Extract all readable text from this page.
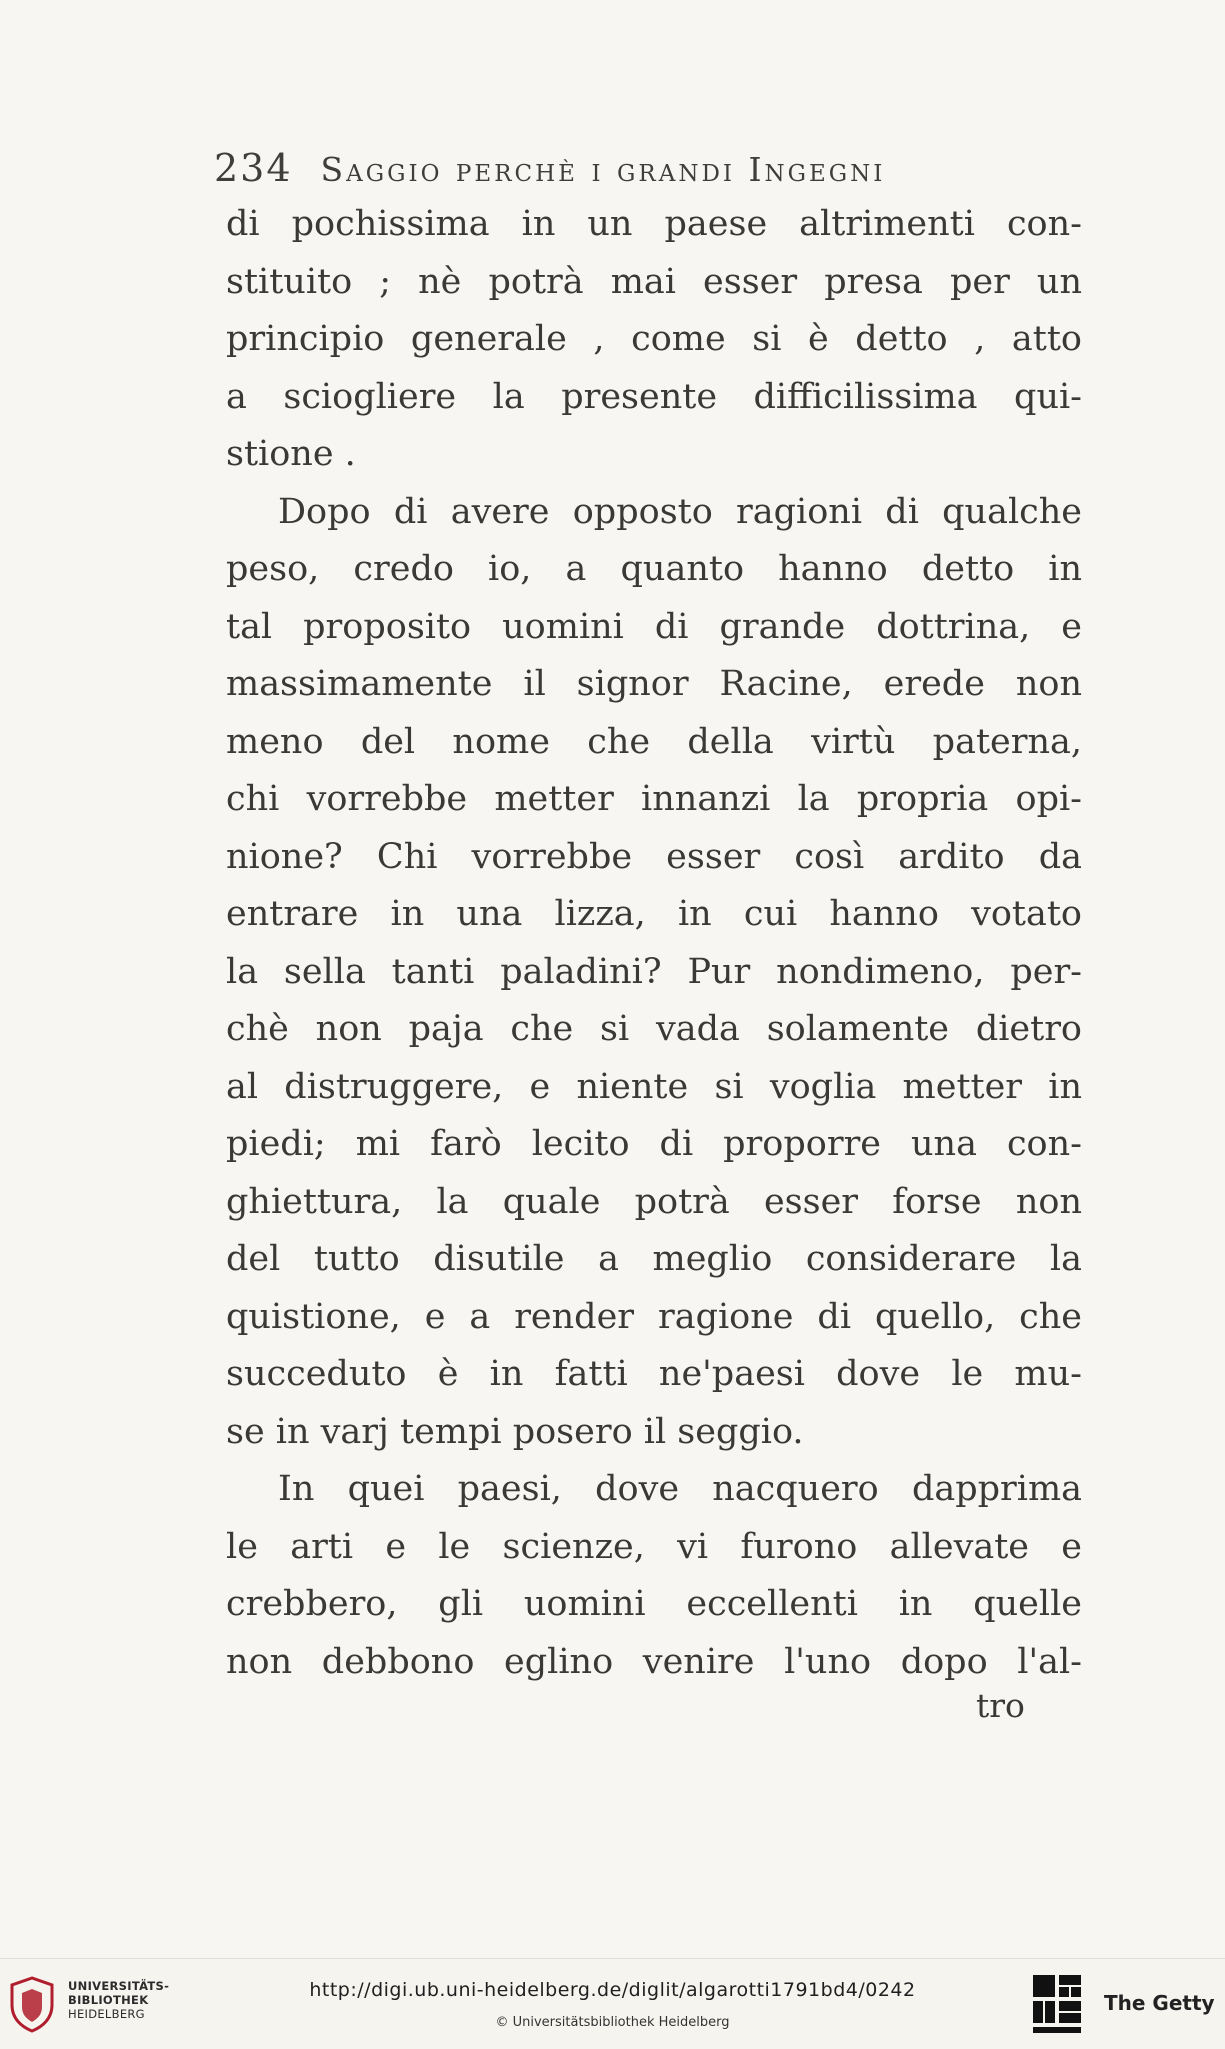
234 Saggio perchè i grandi Ingegni
di pochissima in un paese altrimenti con-
stituito ; nè potrà mai esser presa per un
principio generale , come si è detto , atto
a sciogliere la presente difficilissima qui-
stione .
Dopo di avere opposto ragioni di qualche
peso, credo io, a quanto hanno detto in
tal proposito uomini di grande dottrina, e
massimamente il signor Racine, erede non
meno del nome che della virtù paterna,
chi vorrebbe metter innanzi la propria opi-
nione? Chi vorrebbe esser così ardito da
entrare in una lizza, in cui hanno votato
la sella tanti paladini? Pur nondimeno, per-
chè non paja che si vada solamente dietro
al distruggere, e niente si voglia metter in
piedi; mi farò lecito di proporre una con-
ghiettura, la quale potrà esser forse non
del tutto disutile a meglio considerare la
quistione, e a render ragione di quello, che
succeduto è in fatti ne'paesi dove le mu-
se in varj tempi posero il seggio.
In quei paesi, dove nacquero dapprima
le arti e le scienze, vi furono allevate e
crebbero, gli uomini eccellenti in quelle
non debbono eglino venire l'uno dopo l'al-
tro
UNIVERSITÄTS-
BIBLIOTHEK
HEIDELBERG
http://digi.ub.uni-heidelberg.de/diglit/algarotti1791bd4/0242
© Universitätsbibliothek Heidelberg
The Getty
